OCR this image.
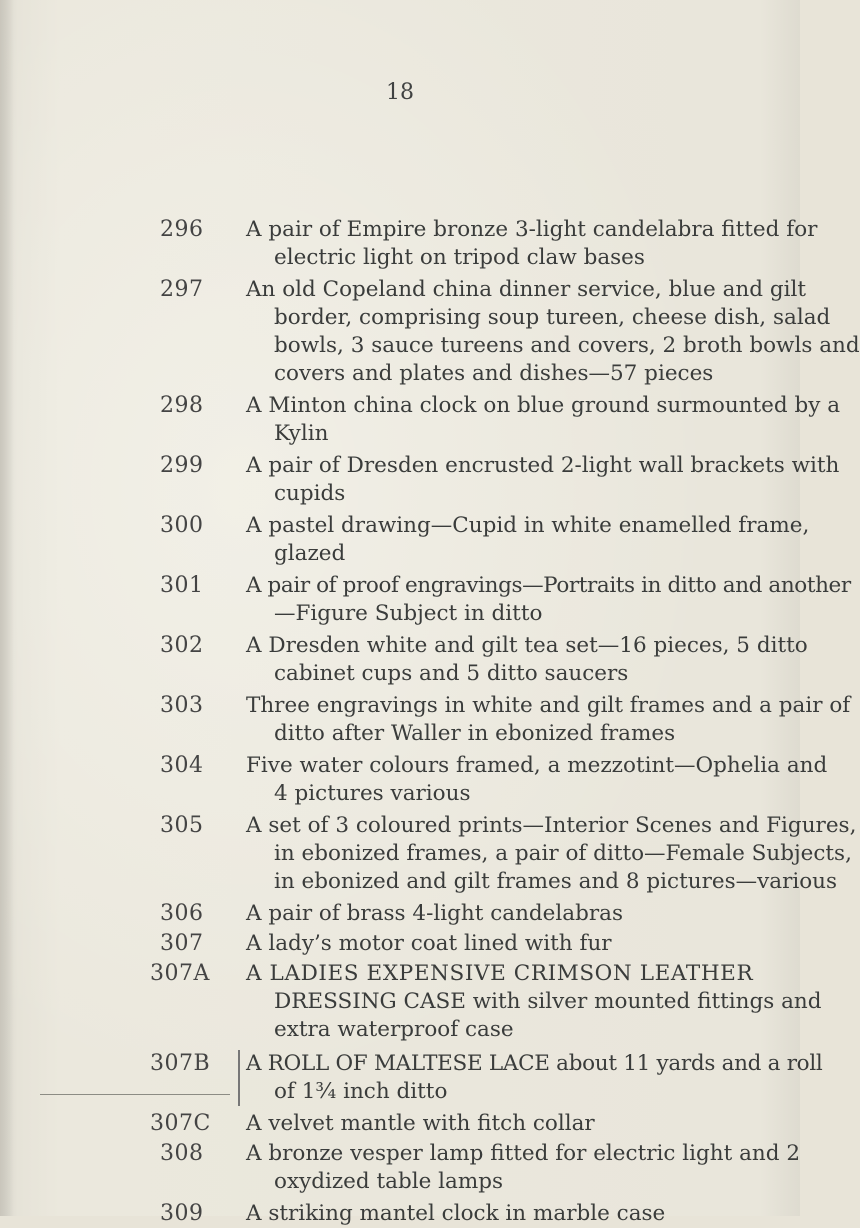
18
296	A pair of Empire bronze 3-light candelabra fitted for
electric light on tripod claw bases
297	An old Copeland china dinner service, blue and gilt
border, comprising soup tureen, cheese dish, salad
bowls, 3 sauce tureens and covers, 2 broth bowls and
covers and plates and dishes—57 pieces
298	A Minton china clock on blue ground surmounted by a
Kylin
299	A pair of Dresden encrusted 2-light wall brackets with
cupids
300	A pastel drawing—Cupid in white enamelled frame,
glazed
301	A pair of proof engravings—Portraits in ditto and another
—Figure Subject in ditto
302	A Dresden white and gilt tea set—16 pieces, 5 ditto
cabinet cups and 5 ditto saucers
303	Three engravings in white and gilt frames and a pair of
ditto after Waller in ebonized frames
304	Five water colours framed, a mezzotint—Ophelia and
4 pictures various
305	A set of 3 coloured prints—Interior Scenes and Figures,
in ebonized frames, a pair of ditto—Female Subjects,
in ebonized and gilt frames and 8 pictures—various
306	A pair of brass 4-light candelabras
307	A lady’s motor coat lined with fur
307A A LADIES EXPENSIVE CRIMSON LEATHER
DRESSING CASE with silver mounted fittings and
extra waterproof case
307B A ROLL OF MALTESE LACE about 11 yards and a roll
of 1¾ inch ditto
307C A velvet mantle with fitch collar
308	A bronze vesper lamp fitted for electric light and 2
oxydized table lamps
309	A striking mantel clock in marble case
